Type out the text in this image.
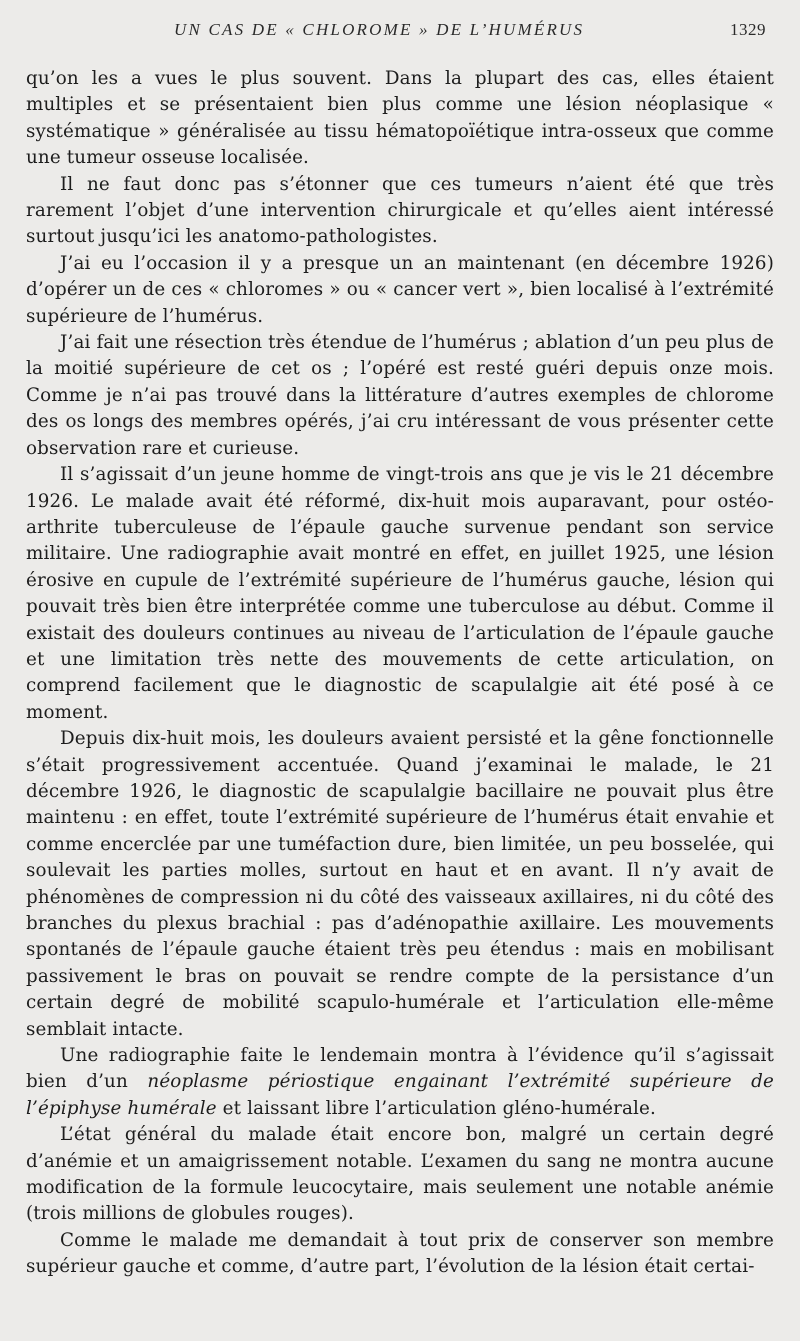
UN CAS DE « CHLOROME » DE L’HUMÉRUS	1329

qu’on les a vues le plus souvent. Dans la plupart des cas, elles étaient multiples et se présentaient bien plus comme une lésion néoplasique « systématique » généralisée au tissu hématopoïétique intra-osseux que comme une tumeur osseuse localisée.

Il ne faut donc pas s’étonner que ces tumeurs n’aient été que très rarement l’objet d’une intervention chirurgicale et qu’elles aient intéressé surtout jusqu’ici les anatomo-pathologistes.

J’ai eu l’occasion il y a presque un an maintenant (en décembre 1926) d’opérer un de ces « chloromes » ou « cancer vert », bien localisé à l’extrémité supérieure de l’humérus.

J’ai fait une résection très étendue de l’humérus ; ablation d’un peu plus de la moitié supérieure de cet os ; l’opéré est resté guéri depuis onze mois. Comme je n’ai pas trouvé dans la littérature d’autres exemples de chlorome des os longs des membres opérés, j’ai cru intéressant de vous présenter cette observation rare et curieuse.

Il s’agissait d’un jeune homme de vingt-trois ans que je vis le 21 décembre 1926. Le malade avait été réformé, dix-huit mois auparavant, pour ostéo-arthrite tuberculeuse de l’épaule gauche survenue pendant son service militaire. Une radiographie avait montré en effet, en juillet 1925, une lésion érosive en cupule de l’extrémité supérieure de l’humérus gauche, lésion qui pouvait très bien être interprétée comme une tuberculose au début. Comme il existait des douleurs continues au niveau de l’articulation de l’épaule gauche et une limitation très nette des mouvements de cette articulation, on comprend facilement que le diagnostic de scapulalgie ait été posé à ce moment.

Depuis dix-huit mois, les douleurs avaient persisté et la gêne fonctionnelle s’était progressivement accentuée. Quand j’examinai le malade, le 21 décembre 1926, le diagnostic de scapulalgie bacillaire ne pouvait plus être maintenu : en effet, toute l’extrémité supérieure de l’humérus était envahie et comme encerclée par une tuméfaction dure, bien limitée, un peu bosselée, qui soulevait les parties molles, surtout en haut et en avant. Il n’y avait de phénomènes de compression ni du côté des vaisseaux axillaires, ni du côté des branches du plexus brachial : pas d’adénopathie axillaire. Les mouvements spontanés de l’épaule gauche étaient très peu étendus : mais en mobilisant passivement le bras on pouvait se rendre compte de la persistance d’un certain degré de mobilité scapulo-humérale et l’articulation elle-même semblait intacte.

Une radiographie faite le lendemain montra à l’évidence qu’il s’agissait bien d’un néoplasme périostique engainant l’extrémité supérieure de l’épiphyse humérale et laissant libre l’articulation gléno-humérale.

L’état général du malade était encore bon, malgré un certain degré d’anémie et un amaigrissement notable. L’examen du sang ne montra aucune modification de la formule leucocytaire, mais seulement une notable anémie (trois millions de globules rouges).

Comme le malade me demandait à tout prix de conserver son membre supérieur gauche et comme, d’autre part, l’évolution de la lésion était certai-
